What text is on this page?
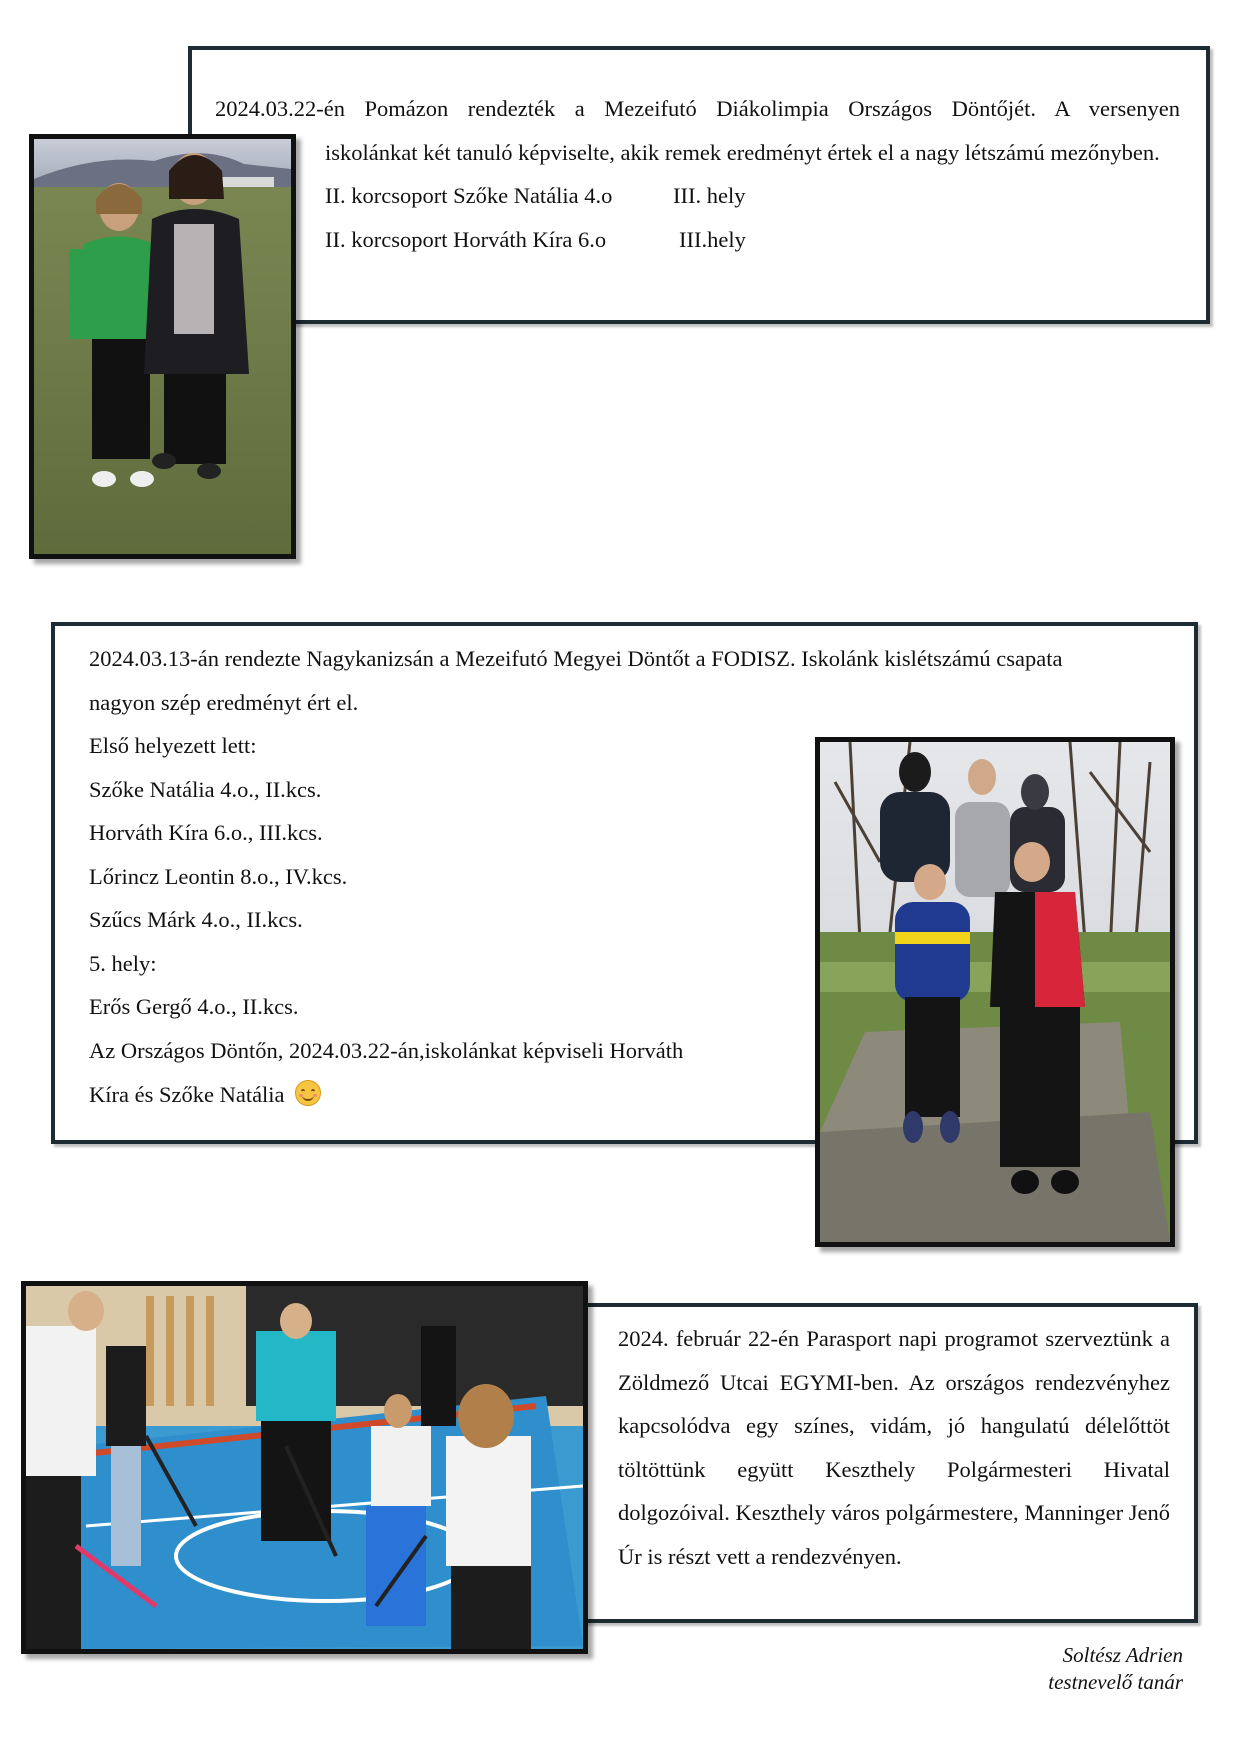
2024.03.22-én Pomázon rendezték a Mezeifutó Diákolimpia Országos Döntőjét. A versenyen

iskolánkat két tanuló képviselte, akik remek eredményt értek el a nagy létszámú mezőnyben.

II. korcsoport Szőke Natália 4.o	III. hely
II. korcsoport Horváth Kíra 6.o	III.hely

2024.03.13-án rendezte Nagykanizsán a Mezeifutó Megyei Döntőt a FODISZ. Iskolánk kislétszámú csapata nagyon szép eredményt ért el.

Első helyezett lett:

Szőke Natália 4.o., II.kcs.

Horváth Kíra 6.o., III.kcs.

Lőrincz Leontin 8.o., IV.kcs.

Szűcs Márk 4.o., II.kcs.

5. hely:

Erős Gergő 4.o., II.kcs.

Az Országos Döntőn, 2024.03.22-án,iskolánkat képviseli Horváth

Kíra és Szőke Natália

2024. február 22-én Parasport napi programot szerveztünk a Zöldmező Utcai EGYMI-ben. Az országos rendezvényhez kapcsolódva egy színes, vidám, jó hangulatú délelőttöt töltöttünk együtt Keszthely Polgármesteri Hivatal dolgozóival. Keszthely város polgármestere, Manninger Jenő Úr is részt vett a rendezvényen.

Soltész Adrien
testnevelő tanár
